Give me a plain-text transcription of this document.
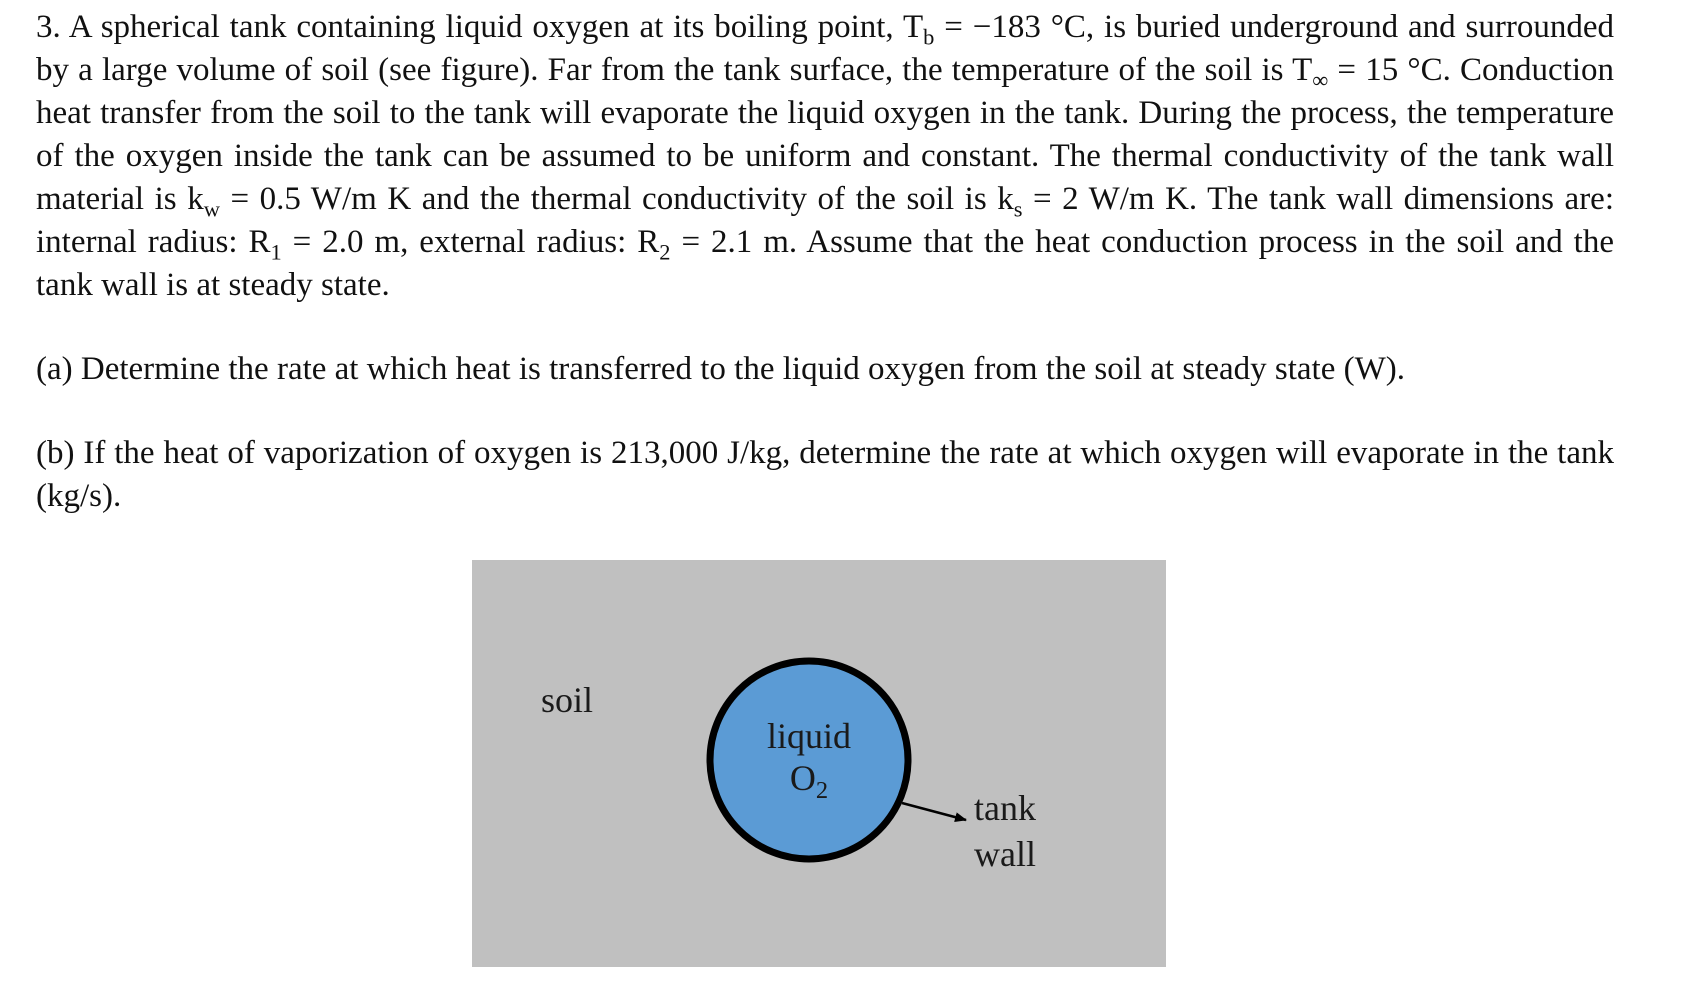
3. A spherical tank containing liquid oxygen at its boiling point, $T_b = -183$ °C, is buried underground and surrounded by a large volume of soil (see figure). Far from the tank surface, the temperature of the soil is $T_\infty = 15$ °C. Conduction heat transfer from the soil to the tank will evaporate the liquid oxygen in the tank. During the process, the temperature of the oxygen inside the tank can be assumed to be uniform and constant. The thermal conductivity of the tank wall material is $k_w = 0.5$ W/m K and the thermal conductivity of the soil is $k_s = 2$ W/m K. The tank wall dimensions are: internal radius: $R_1 = 2.0$ m, external radius: $R_2 = 2.1$ m. Assume that the heat conduction process in the soil and the tank wall is at steady state.

(a) Determine the rate at which heat is transferred to the liquid oxygen from the soil at steady state (W).

(b) If the heat of vaporization of oxygen is 213,000 J/kg, determine the rate at which oxygen will evaporate in the tank (kg/s).

soil
liquid
$O_2$	tank
wall
